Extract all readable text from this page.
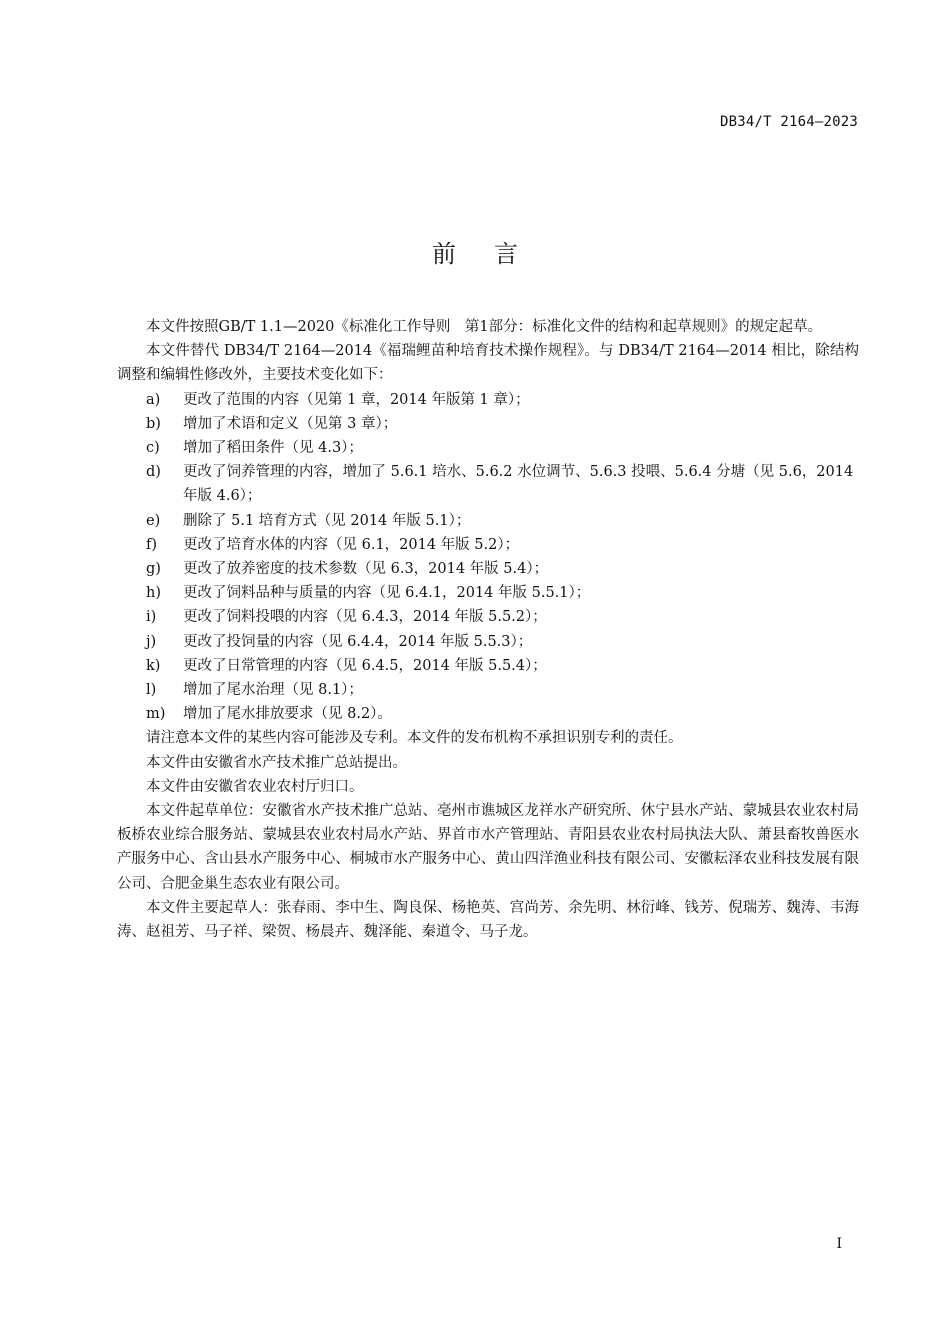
DB34/T 2164—2023
前言

本文件按照GB/T 1.1—2020《标准化工作导则　第1部分：标准化文件的结构和起草规则》的规定起草。

本文件替代 DB34/T 2164—2014《福瑞鲤苗种培育技术操作规程》。与 DB34/T 2164—2014 相比，除结构调整和编辑性修改外，主要技术变化如下：

a)	更改了范围的内容（见第 1 章，2014 年版第 1 章）；
b)	增加了术语和定义（见第 3 章）；
c)	增加了稻田条件（见 4.3）；
d)	更改了饲养管理的内容，增加了 5.6.1 培水、5.6.2 水位调节、5.6.3 投喂、5.6.4 分塘（见 5.6，2014 年版 4.6）；
e)	删除了 5.1 培育方式（见 2014 年版 5.1）；
f)	更改了培育水体的内容（见 6.1，2014 年版 5.2）；
g)	更改了放养密度的技术参数（见 6.3，2014 年版 5.4）；
h)	更改了饲料品种与质量的内容（见 6.4.1，2014 年版 5.5.1）；
i)	更改了饲料投喂的内容（见 6.4.3，2014 年版 5.5.2）；
j)	更改了投饲量的内容（见 6.4.4，2014 年版 5.5.3）；
k)	更改了日常管理的内容（见 6.4.5，2014 年版 5.5.4）；
l)	增加了尾水治理（见 8.1）；
m)	增加了尾水排放要求（见 8.2）。

请注意本文件的某些内容可能涉及专利。本文件的发布机构不承担识别专利的责任。

本文件由安徽省水产技术推广总站提出。

本文件由安徽省农业农村厅归口。

本文件起草单位：安徽省水产技术推广总站、亳州市谯城区龙祥水产研究所、休宁县水产站、蒙城县农业农村局板桥农业综合服务站、蒙城县农业农村局水产站、界首市水产管理站、青阳县农业农村局执法大队、萧县畜牧兽医水产服务中心、含山县水产服务中心、桐城市水产服务中心、黄山四洋渔业科技有限公司、安徽耘泽农业科技发展有限公司、合肥金巢生态农业有限公司。

本文件主要起草人：张春雨、李中生、陶良保、杨艳英、宫尚芳、余先明、林衍峰、钱芳、倪瑞芳、魏涛、韦海涛、赵祖芳、马子祥、梁贺、杨晨卉、魏泽能、秦道令、马子龙。

I
